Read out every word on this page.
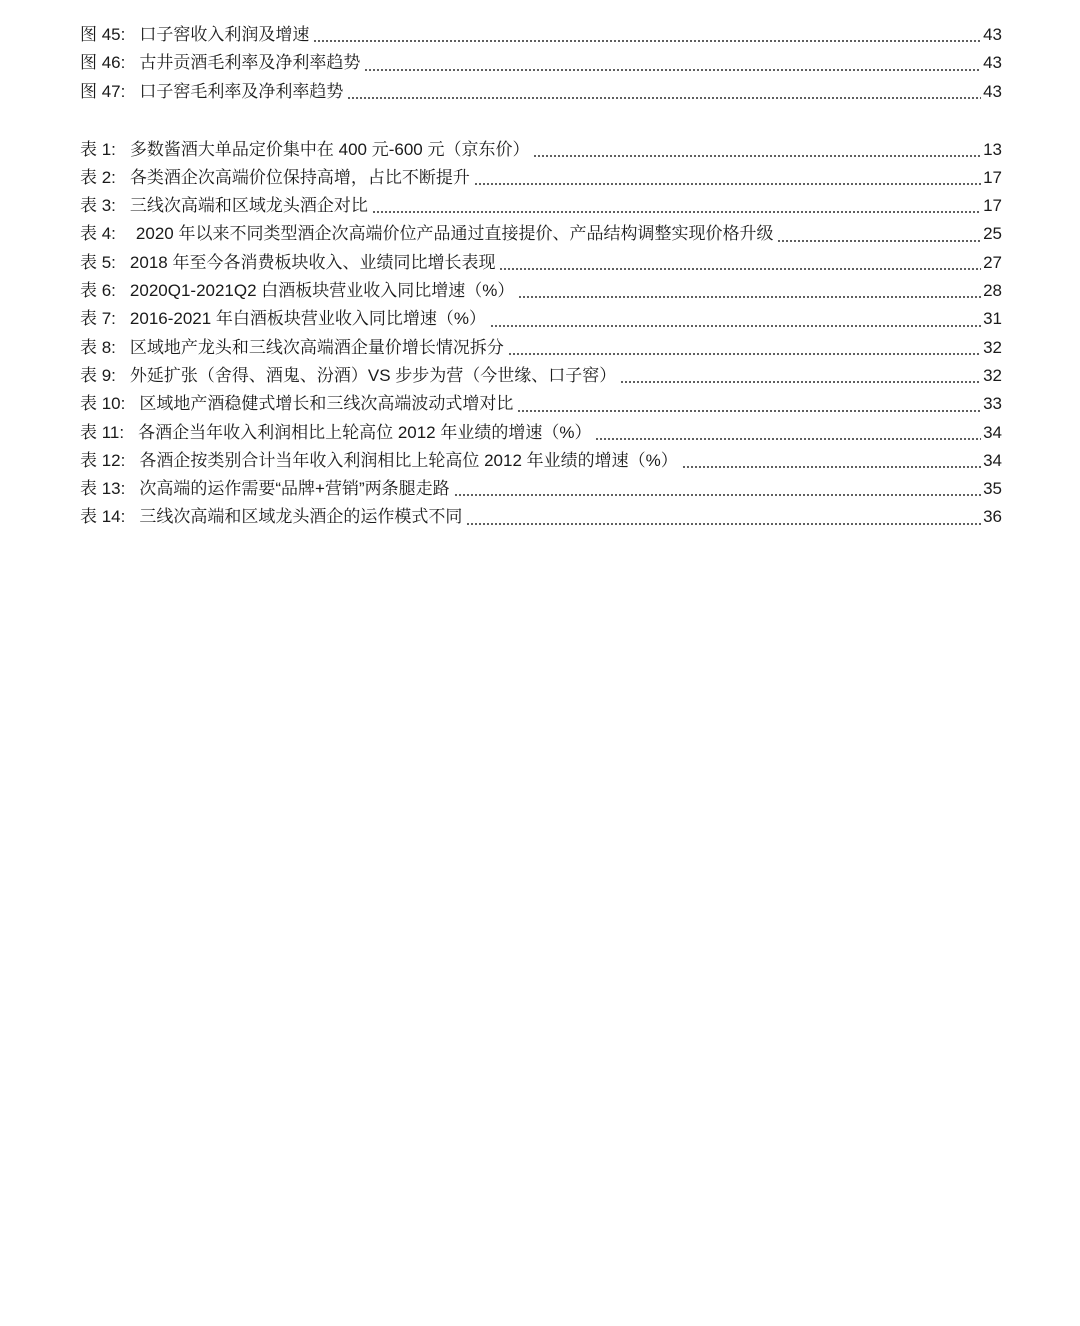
图 45: 口子窖收入利润及增速	43
图 46: 古井贡酒毛利率及净利率趋势	43
图 47: 口子窖毛利率及净利率趋势	43
表 1: 多数酱酒大单品定价集中在 400 元-600 元（京东价）	13
表 2: 各类酒企次高端价位保持高增，占比不断提升	17
表 3: 三线次高端和区域龙头酒企对比	17
表 4: 2020 年以来不同类型酒企次高端价位产品通过直接提价、产品结构调整实现价格升级	25
表 5: 2018 年至今各消费板块收入、业绩同比增长表现	27
表 6: 2020Q1-2021Q2 白酒板块营业收入同比增速（%）	28
表 7: 2016-2021 年白酒板块营业收入同比增速（%）	31
表 8: 区域地产龙头和三线次高端酒企量价增长情况拆分	32
表 9: 外延扩张（舍得、酒鬼、汾酒）VS 步步为营（今世缘、口子窖）	32
表 10: 区域地产酒稳健式增长和三线次高端波动式增对比	33
表 11: 各酒企当年收入利润相比上轮高位 2012 年业绩的增速（%）	34
表 12: 各酒企按类别合计当年收入利润相比上轮高位 2012 年业绩的增速（%）	34
表 13: 次高端的运作需要“品牌+营销”两条腿走路	35
表 14: 三线次高端和区域龙头酒企的运作模式不同	36
